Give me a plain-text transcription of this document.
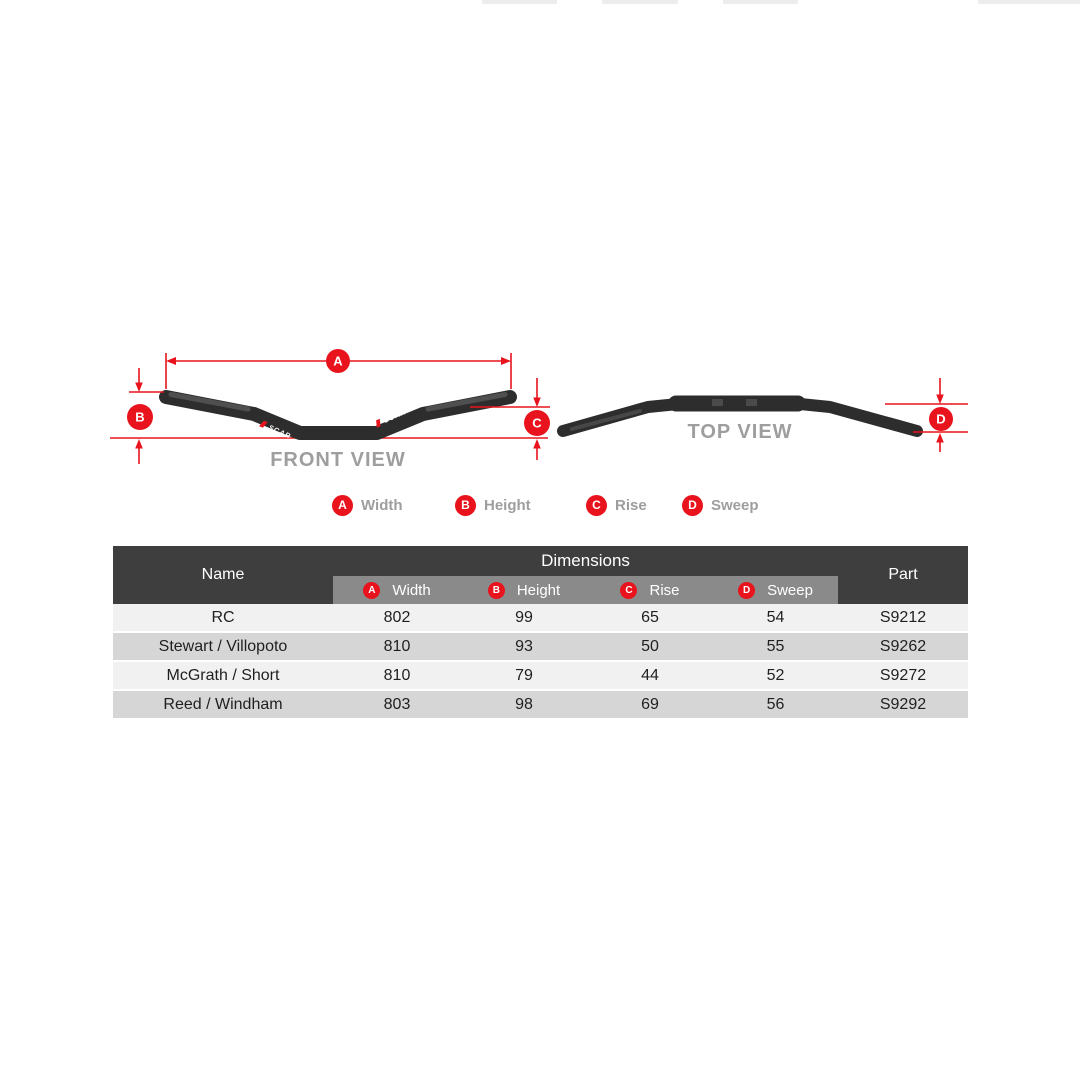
SCAR
SCAR
A
B	C	D
FRONT VIEW
TOP VIEW
A Width	B Height	C Rise	D Sweep
Name
Dimensions
Part
A	Width	B	Height	C	Rise	D	Sweep
RC	802	99	65	54	S9212
Stewart / Villopoto	810	93	50	55	S9262
McGrath / Short	810	79	44	52	S9272
Reed / Windham	803	98	69	56	S9292
